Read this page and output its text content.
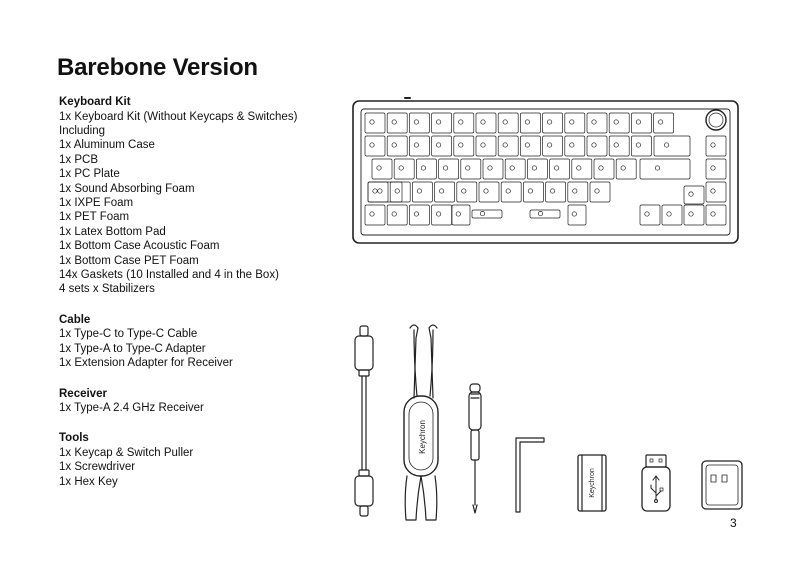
Barebone Version
Keyboard Kit
1x Keyboard Kit (Without Keycaps & Switches)
Including
1x Aluminum Case
1x PCB
1x PC Plate
1x Sound Absorbing Foam
1x IXPE Foam
1x PET Foam
1x Latex Bottom Pad
1x Bottom Case Acoustic Foam
1x Bottom Case PET Foam
14x Gaskets (10 Installed and 4 in the Box)
4 sets x Stabilizers
Cable
1x Type-C to Type-C Cable
1x Type-A to Type-C Adapter
1x Extension Adapter for Receiver
Receiver
1x Type-A 2.4 GHz Receiver
Tools
1x Keycap & Switch Puller
1x Screwdriver
1x Hex Key
Keychron
Keychron
3
